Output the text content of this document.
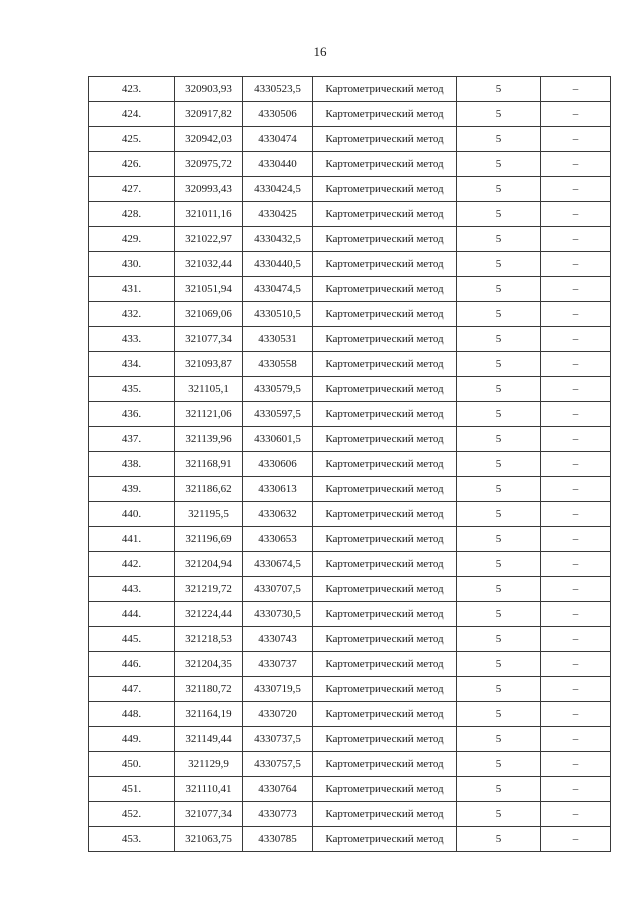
16
423.	320903,93	4330523,5	Картометрический метод	5	–
424.	320917,82	4330506	Картометрический метод	5	–
425.	320942,03	4330474	Картометрический метод	5	–
426.	320975,72	4330440	Картометрический метод	5	–
427.	320993,43	4330424,5	Картометрический метод	5	–
428.	321011,16	4330425	Картометрический метод	5	–
429.	321022,97	4330432,5	Картометрический метод	5	–
430.	321032,44	4330440,5	Картометрический метод	5	–
431.	321051,94	4330474,5	Картометрический метод	5	–
432.	321069,06	4330510,5	Картометрический метод	5	–
433.	321077,34	4330531	Картометрический метод	5	–
434.	321093,87	4330558	Картометрический метод	5	–
435.	321105,1	4330579,5	Картометрический метод	5	–
436.	321121,06	4330597,5	Картометрический метод	5	–
437.	321139,96	4330601,5	Картометрический метод	5	–
438.	321168,91	4330606	Картометрический метод	5	–
439.	321186,62	4330613	Картометрический метод	5	–
440.	321195,5	4330632	Картометрический метод	5	–
441.	321196,69	4330653	Картометрический метод	5	–
442.	321204,94	4330674,5	Картометрический метод	5	–
443.	321219,72	4330707,5	Картометрический метод	5	–
444.	321224,44	4330730,5	Картометрический метод	5	–
445.	321218,53	4330743	Картометрический метод	5	–
446.	321204,35	4330737	Картометрический метод	5	–
447.	321180,72	4330719,5	Картометрический метод	5	–
448.	321164,19	4330720	Картометрический метод	5	–
449.	321149,44	4330737,5	Картометрический метод	5	–
450.	321129,9	4330757,5	Картометрический метод	5	–
451.	321110,41	4330764	Картометрический метод	5	–
452.	321077,34	4330773	Картометрический метод	5	–
453.	321063,75	4330785	Картометрический метод	5	–
